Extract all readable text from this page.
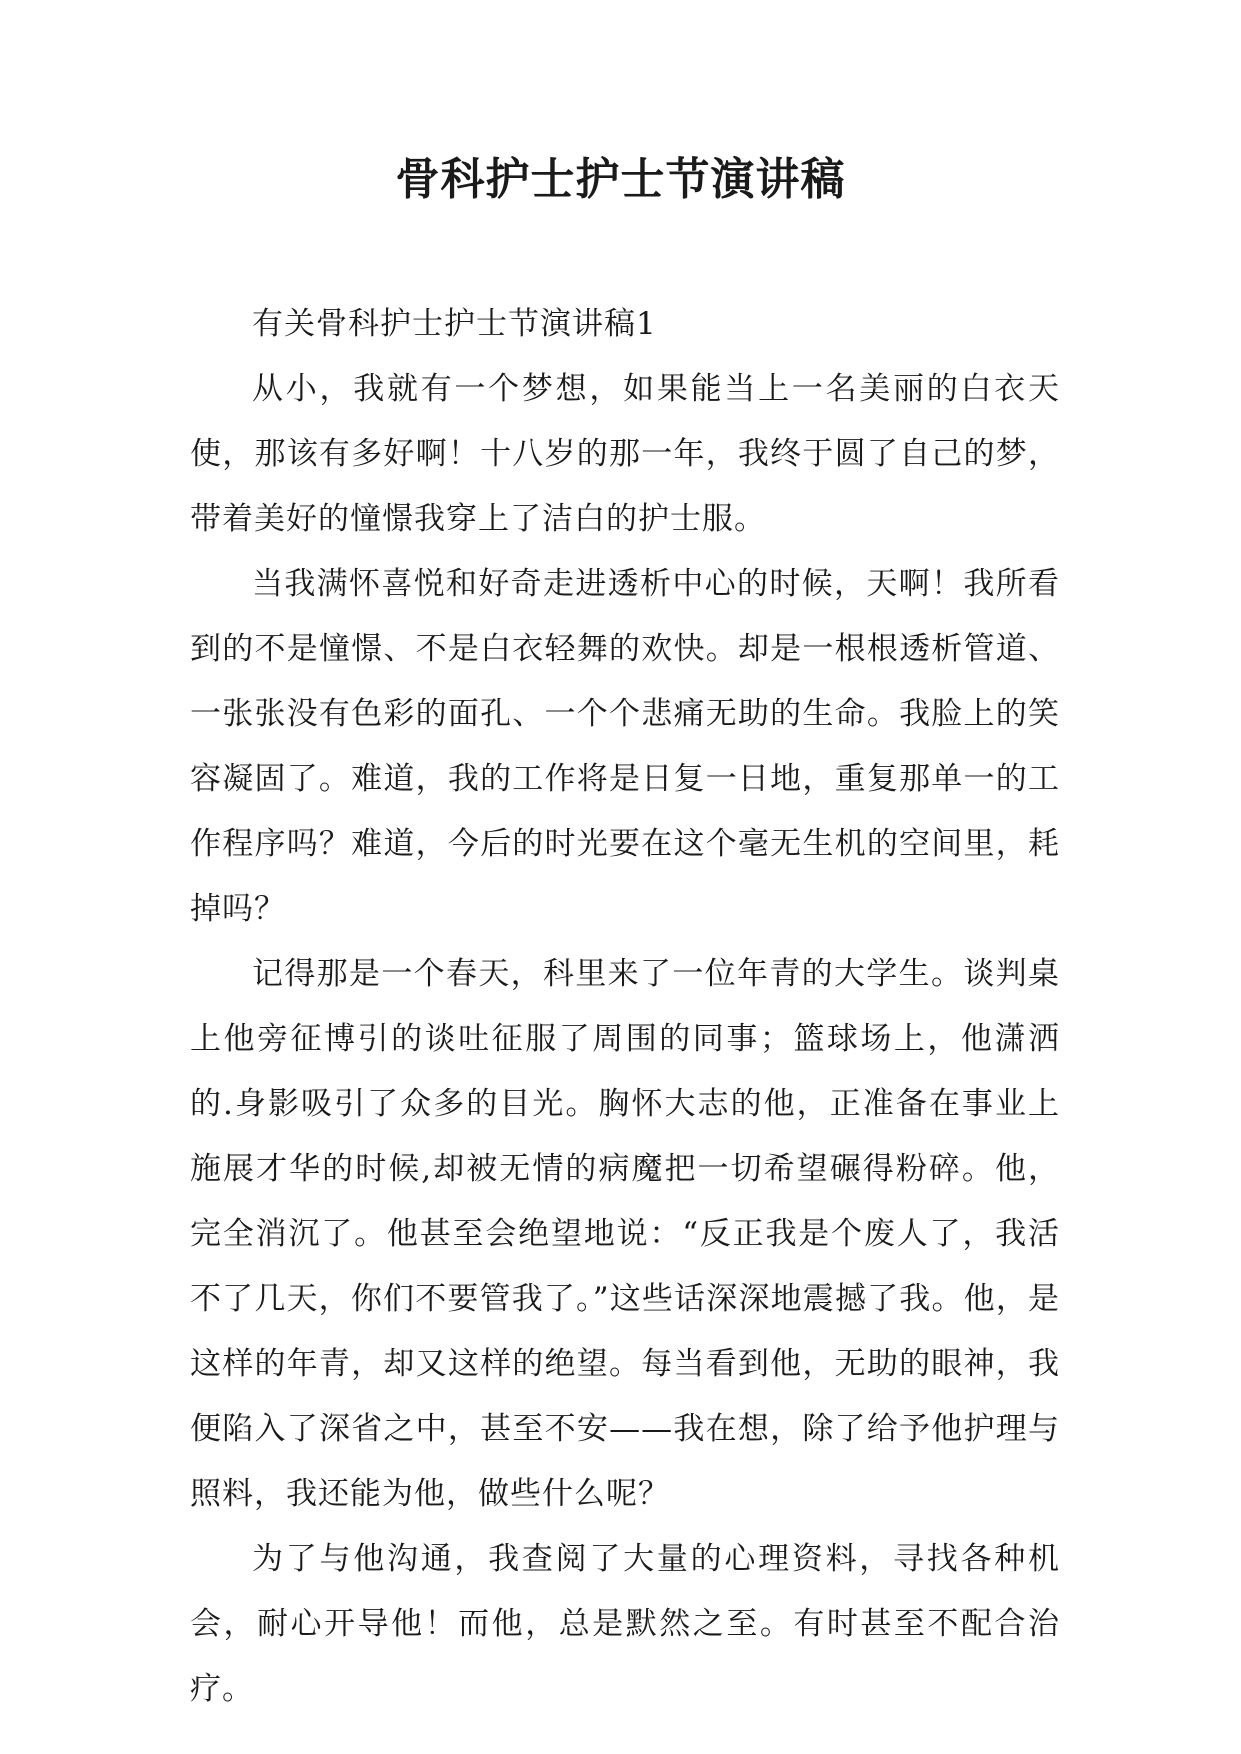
骨科护士护士节演讲稿

有关骨科护士护士节演讲稿1

从小，我就有一个梦想，如果能当上一名美丽的白衣天使，那该有多好啊！十八岁的那一年，我终于圆了自己的梦，带着美好的憧憬我穿上了洁白的护士服。

当我满怀喜悦和好奇走进透析中心的时候，天啊！我所看到的不是憧憬、不是白衣轻舞的欢快。却是一根根透析管道、一张张没有色彩的面孔、一个个悲痛无助的生命。我脸上的笑容凝固了。难道，我的工作将是日复一日地，重复那单一的工作程序吗？难道，今后的时光要在这个毫无生机的空间里，耗掉吗？

记得那是一个春天，科里来了一位年青的大学生。谈判桌上他旁征博引的谈吐征服了周围的同事；篮球场上，他潇洒的.身影吸引了众多的目光。胸怀大志的他，正准备在事业上施展才华的时候,却被无情的病魔把一切希望碾得粉碎。他，完全消沉了。他甚至会绝望地说：“反正我是个废人了，我活不了几天，你们不要管我了。”这些话深深地震撼了我。他，是这样的年青，却又这样的绝望。每当看到他，无助的眼神，我便陷入了深省之中，甚至不安——我在想，除了给予他护理与照料，我还能为他，做些什么呢？

为了与他沟通，我查阅了大量的心理资料，寻找各种机会，耐心开导他！而他，总是默然之至。有时甚至不配合治疗。
